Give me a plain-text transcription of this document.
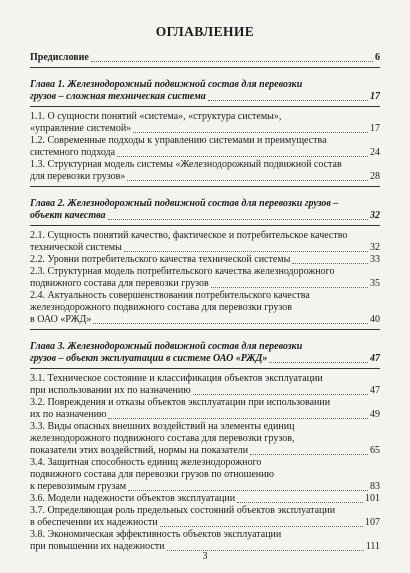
ОГЛАВЛЕНИЕ
Предисловие	6
Глава 1. Железнодорожный подвижной состав для перевозки
грузов – сложная техническая система	17
1.1. О сущности понятий «система», «структура системы»,
«управление системой»	17
1.2. Современные подходы к управлению системами и преимущества
системного подхода	24
1.3. Структурная модель системы «Железнодорожный подвижной состав
для перевозки грузов»	28
Глава 2. Железнодорожный подвижной состав для перевозки грузов –
объект качества	32
2.1. Сущность понятий качество, фактическое и потребительское качество
технической системы	32
2.2. Уровни потребительского качества технической системы	33
2.3. Структурная модель потребительского качества железнодорожного
подвижного состава для перевозки грузов	35
2.4. Актуальность совершенствования потребительского качества
железнодорожного подвижного состава для перевозки грузов
в ОАО «РЖД»	40
Глава 3. Железнодорожный подвижной состав для перевозки
грузов – объект эксплуатации в системе ОАО «РЖД»	47
3.1. Техническое состояние и классификация объектов эксплуатации
при использовании их по назначению	47
3.2. Повреждения и отказы объектов эксплуатации при использовании
их по назначению	49
3.3. Виды опасных внешних воздействий на элементы единиц
железнодорожного подвижного состава для перевозки грузов,
показатели этих воздействий, нормы на показатели	65
3.4. Защитная способность единиц железнодорожного
подвижного состава для перевозки грузов по отношению
к перевозимым грузам	83
3.6. Модели надежности объектов эксплуатации	101
3.7. Определяющая роль предельных состояний объектов эксплуатации
в обеспечении их надежности	107
3.8. Экономическая эффективность объектов эксплуатации
при повышении их надежности	111
3
